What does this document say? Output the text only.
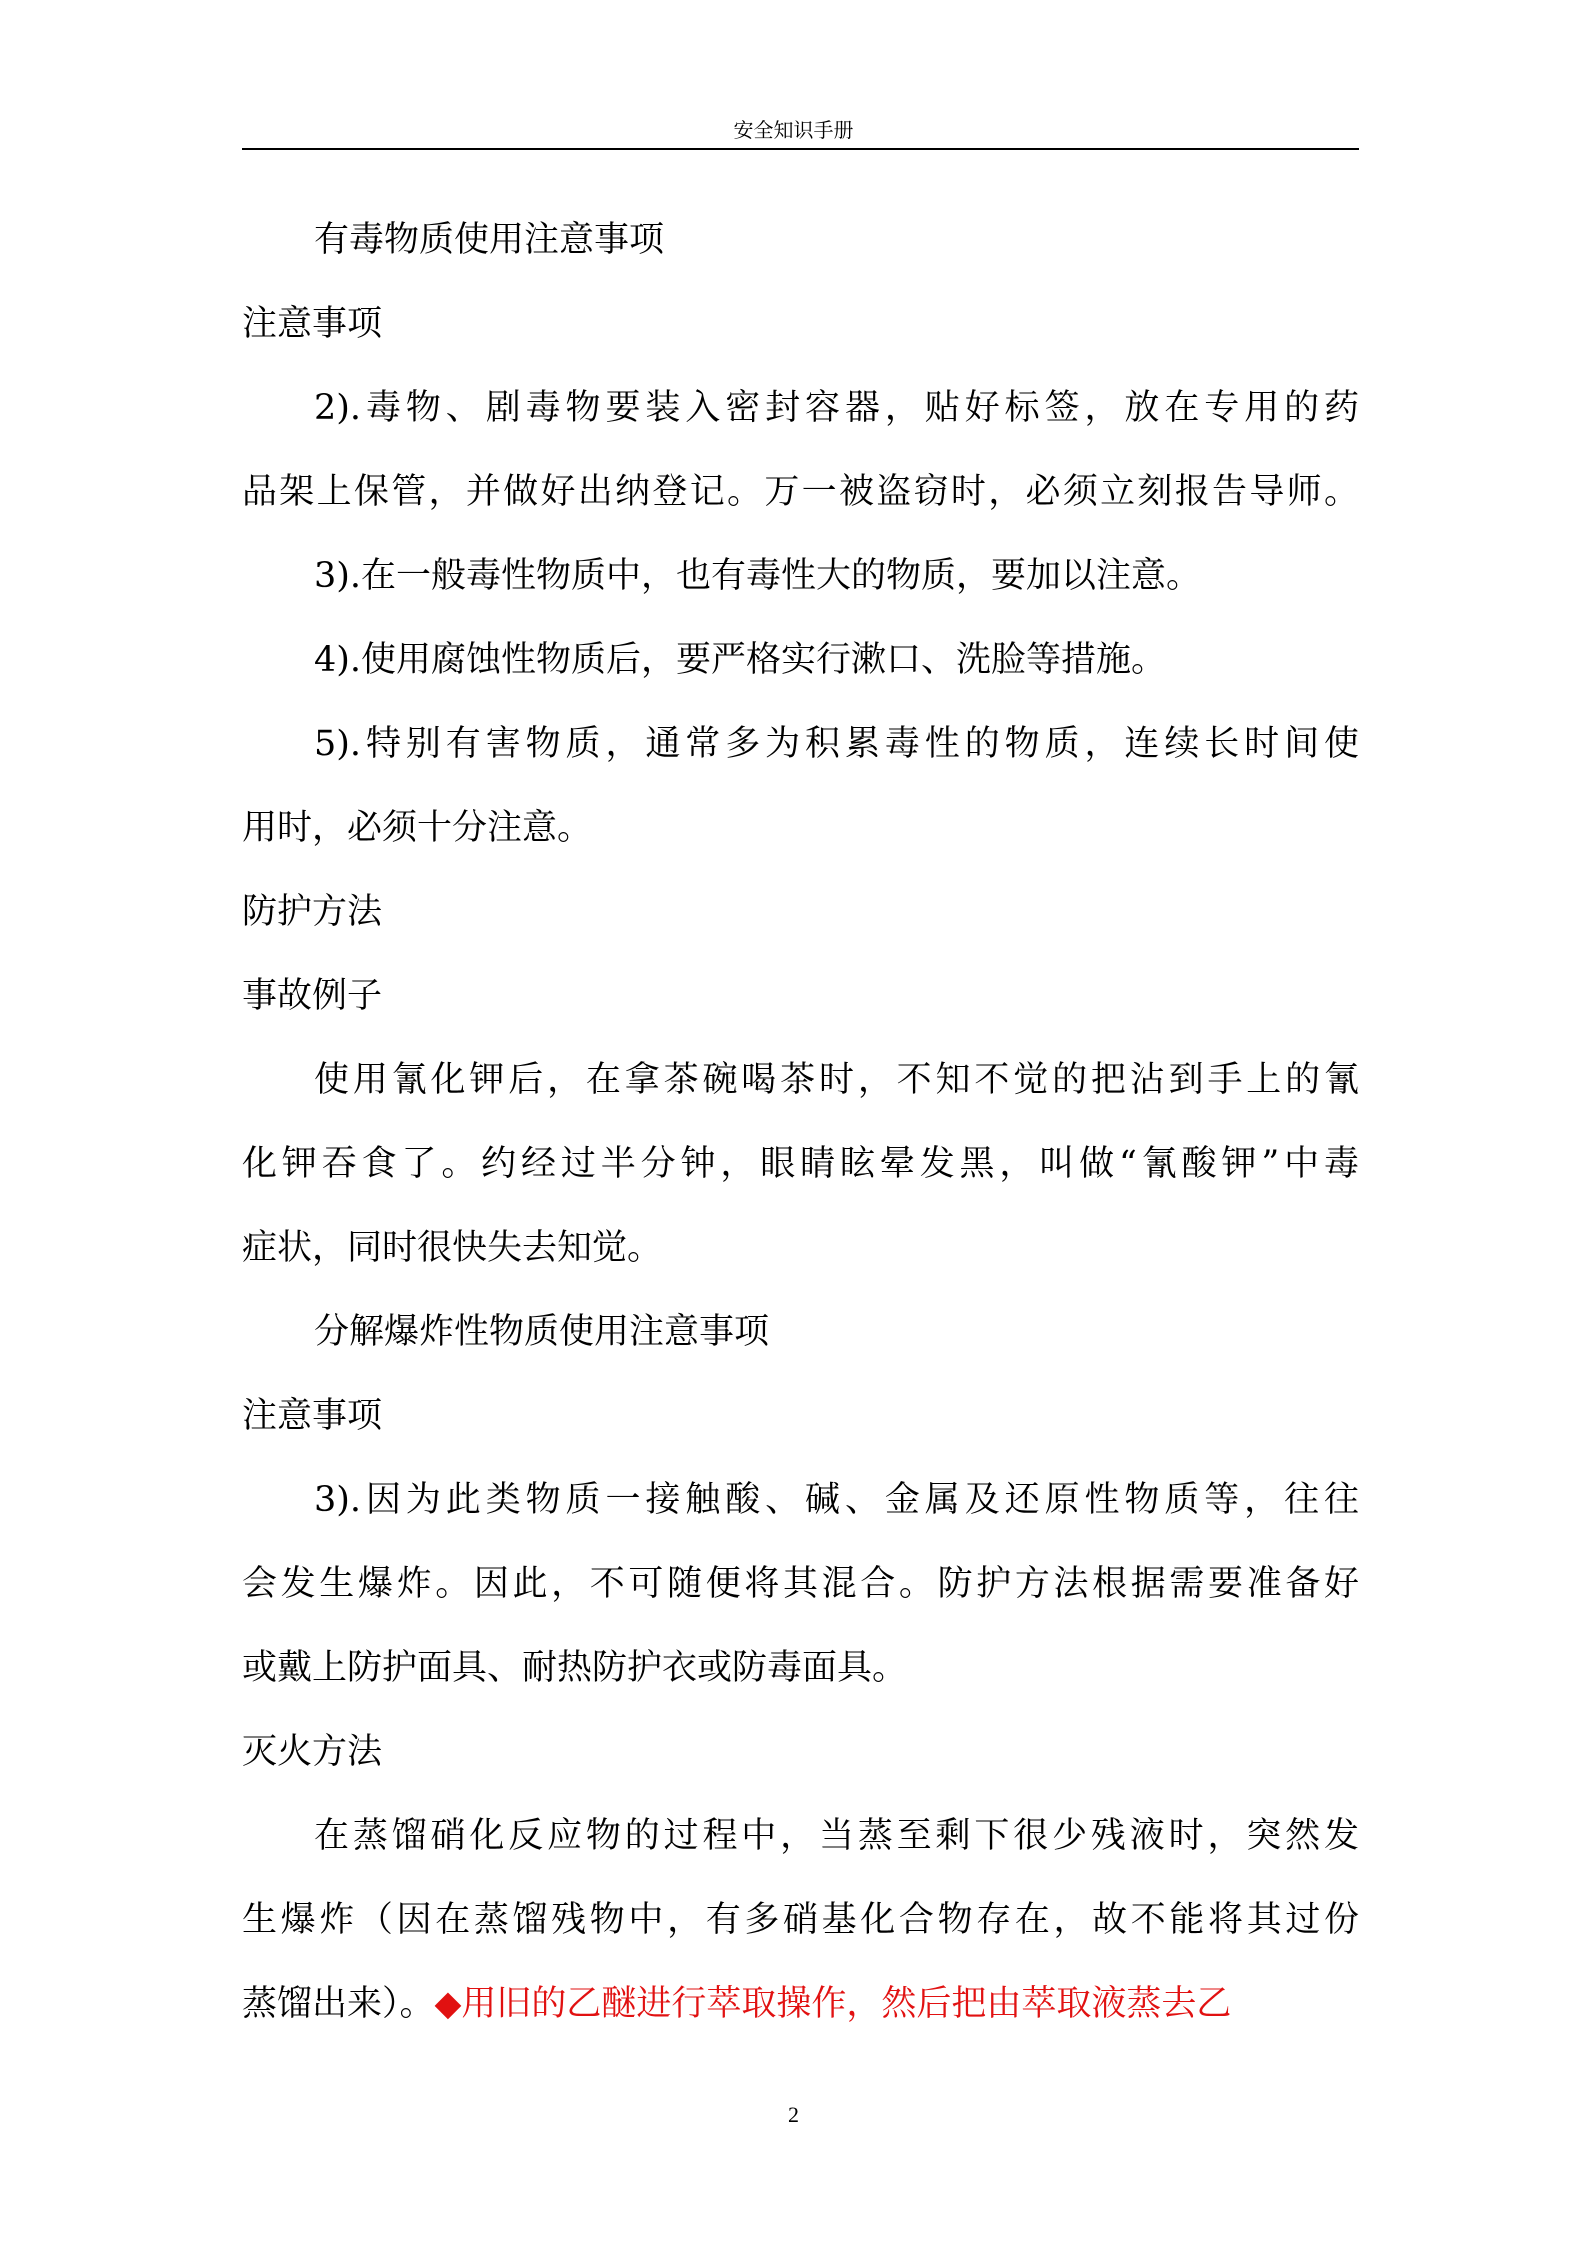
安全知识手册
有毒物质使用注意事项
注意事项
2).毒物、剧毒物要装入密封容器，贴好标签，放在专用的药
品架上保管，并做好出纳登记。万一被盗窃时，必须立刻报告导师。
3).在一般毒性物质中，也有毒性大的物质，要加以注意。
4).使用腐蚀性物质后，要严格实行漱口、洗脸等措施。
5).特别有害物质，通常多为积累毒性的物质，连续长时间使
用时，必须十分注意。
防护方法
事故例子
使用氰化钾后，在拿茶碗喝茶时，不知不觉的把沾到手上的氰
化钾吞食了。约经过半分钟，眼睛眩晕发黑，叫做“氰酸钾”中毒
症状，同时很快失去知觉。
分解爆炸性物质使用注意事项
注意事项
3).因为此类物质一接触酸、碱、金属及还原性物质等，往往
会发生爆炸。因此，不可随便将其混合。防护方法根据需要准备好
或戴上防护面具、耐热防护衣或防毒面具。
灭火方法
在蒸馏硝化反应物的过程中，当蒸至剩下很少残液时，突然发
生爆炸（因在蒸馏残物中，有多硝基化合物存在，故不能将其过份
蒸馏出来）。◆用旧的乙醚进行萃取操作，然后把由萃取液蒸去乙
2
